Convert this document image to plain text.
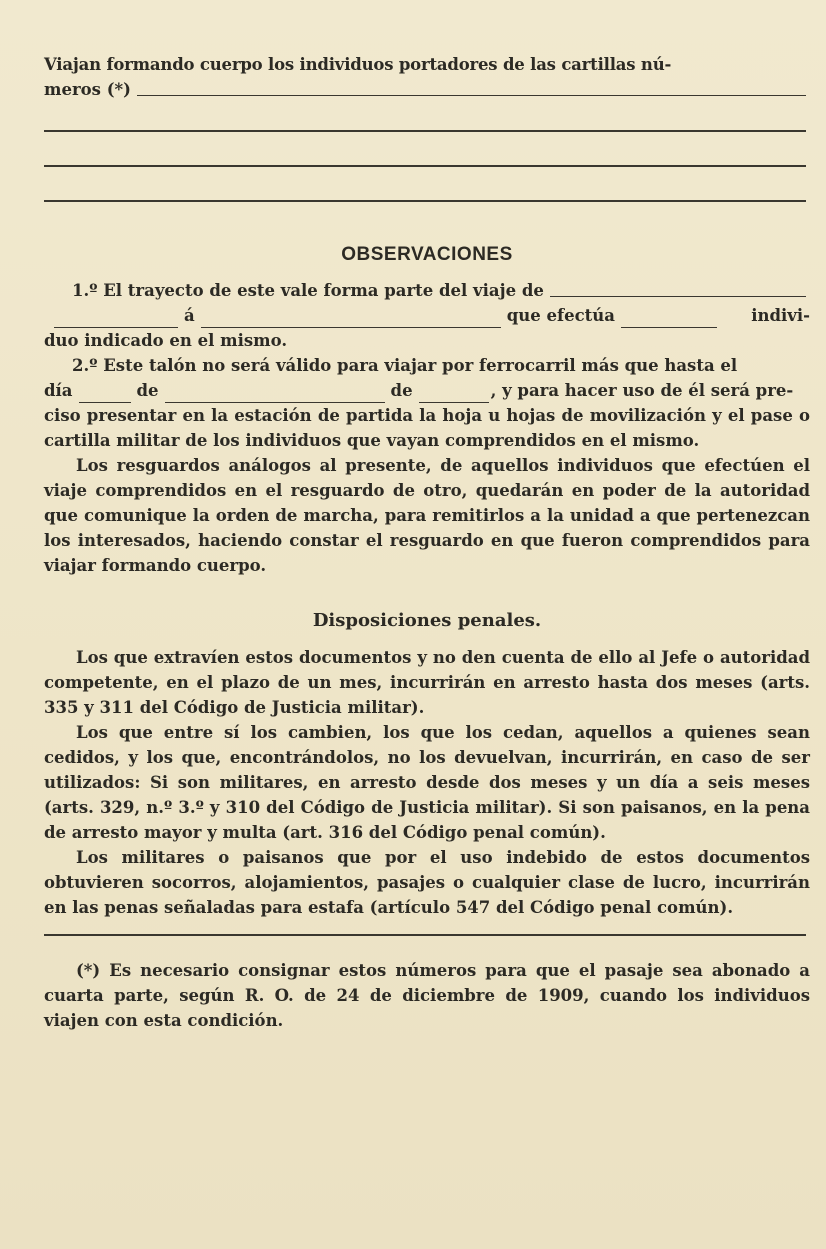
Viajan formando cuerpo los individuos portadores de las cartillas nú-

meros (*)
OBSERVACIONES
1.º El trayecto de este vale forma parte del viaje de
á	que efectúa	indivi-

duo indicado en el mismo.

2.º Este talón no será válido para viajar por ferrocarril más que hasta el

día	de	de	, y para hacer uso de él será pre-

ciso presentar en la estación de partida la hoja u hojas de movilización y el pase o cartilla militar de los individuos que vayan comprendidos en el mismo.

Los resguardos análogos al presente, de aquellos individuos que efectúen el viaje comprendidos en el resguardo de otro, quedarán en poder de la autoridad que comunique la orden de marcha, para remitirlos a la unidad a que pertenezcan los interesados, haciendo constar el resguardo en que fueron comprendidos para viajar formando cuerpo.

Disposiciones penales.

Los que extravíen estos documentos y no den cuenta de ello al Jefe o autoridad competente, en el plazo de un mes, incurrirán en arresto hasta dos meses (arts. 335 y 311 del Código de Justicia militar).

Los que entre sí los cambien, los que los cedan, aquellos a quienes sean cedidos, y los que, encontrándolos, no los devuelvan, incurrirán, en caso de ser utilizados: Si son militares, en arresto desde dos meses y un día a seis meses (arts. 329, n.º 3.º y 310 del Código de Justicia militar). Si son paisanos, en la pena de arresto mayor y multa (art. 316 del Código penal común).

Los militares o paisanos que por el uso indebido de estos documentos obtuvieren socorros, alojamientos, pasajes o cualquier clase de lucro, incurrirán en las penas señaladas para estafa (artículo 547 del Código penal común).

(*) Es necesario consignar estos números para que el pasaje sea abonado a cuarta parte, según R. O. de 24 de diciembre de 1909, cuando los individuos viajen con esta condición.
